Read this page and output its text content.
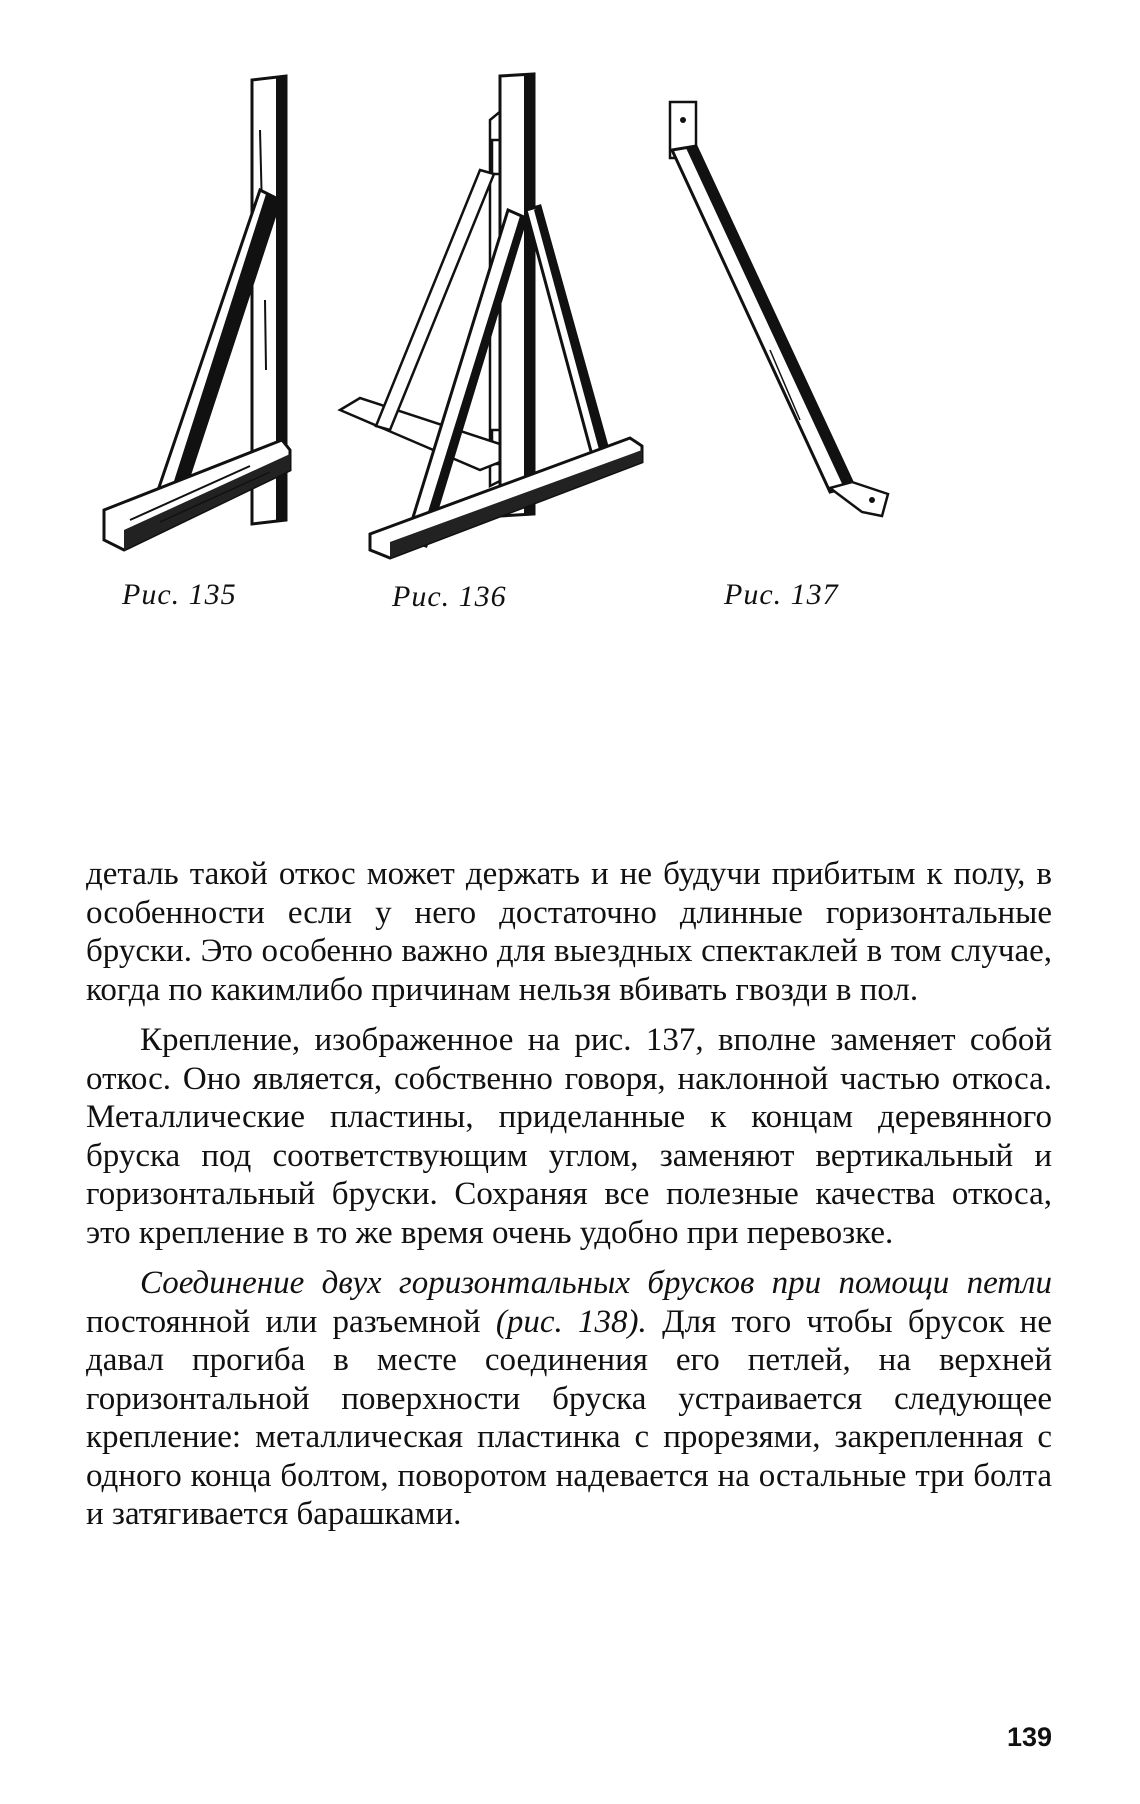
Рис. 135	Рис. 136	Рис. 137

деталь такой откос может держать и не будучи прибитым к полу, в особенности если у него достаточно длинные горизонтальные бруски. Это особенно важно для выездных спектаклей в том случае, когда по какимлибо причинам нельзя вбивать гвозди в пол.

Крепление, изображенное на рис. 137, вполне заменяет собой откос. Оно является, собственно говоря, наклонной частью откоса. Металлические пластины, приделанные к концам деревянного бруска под соответствующим углом, заменяют вертикальный и горизонтальный бруски. Сохраняя все полезные качества откоса, это крепление в то же время очень удобно при перевозке.

Соединение двух горизонтальных брусков при помощи петли постоянной или разъемной (рис. 138). Для того чтобы брусок не давал прогиба в месте соединения его петлей, на верхней горизонтальной поверхности бруска устраивается следующее крепление: металлическая пластинка с прорезями, закрепленная с одного конца болтом, поворотом надевается на остальные три болта и затягивается барашками.

139
